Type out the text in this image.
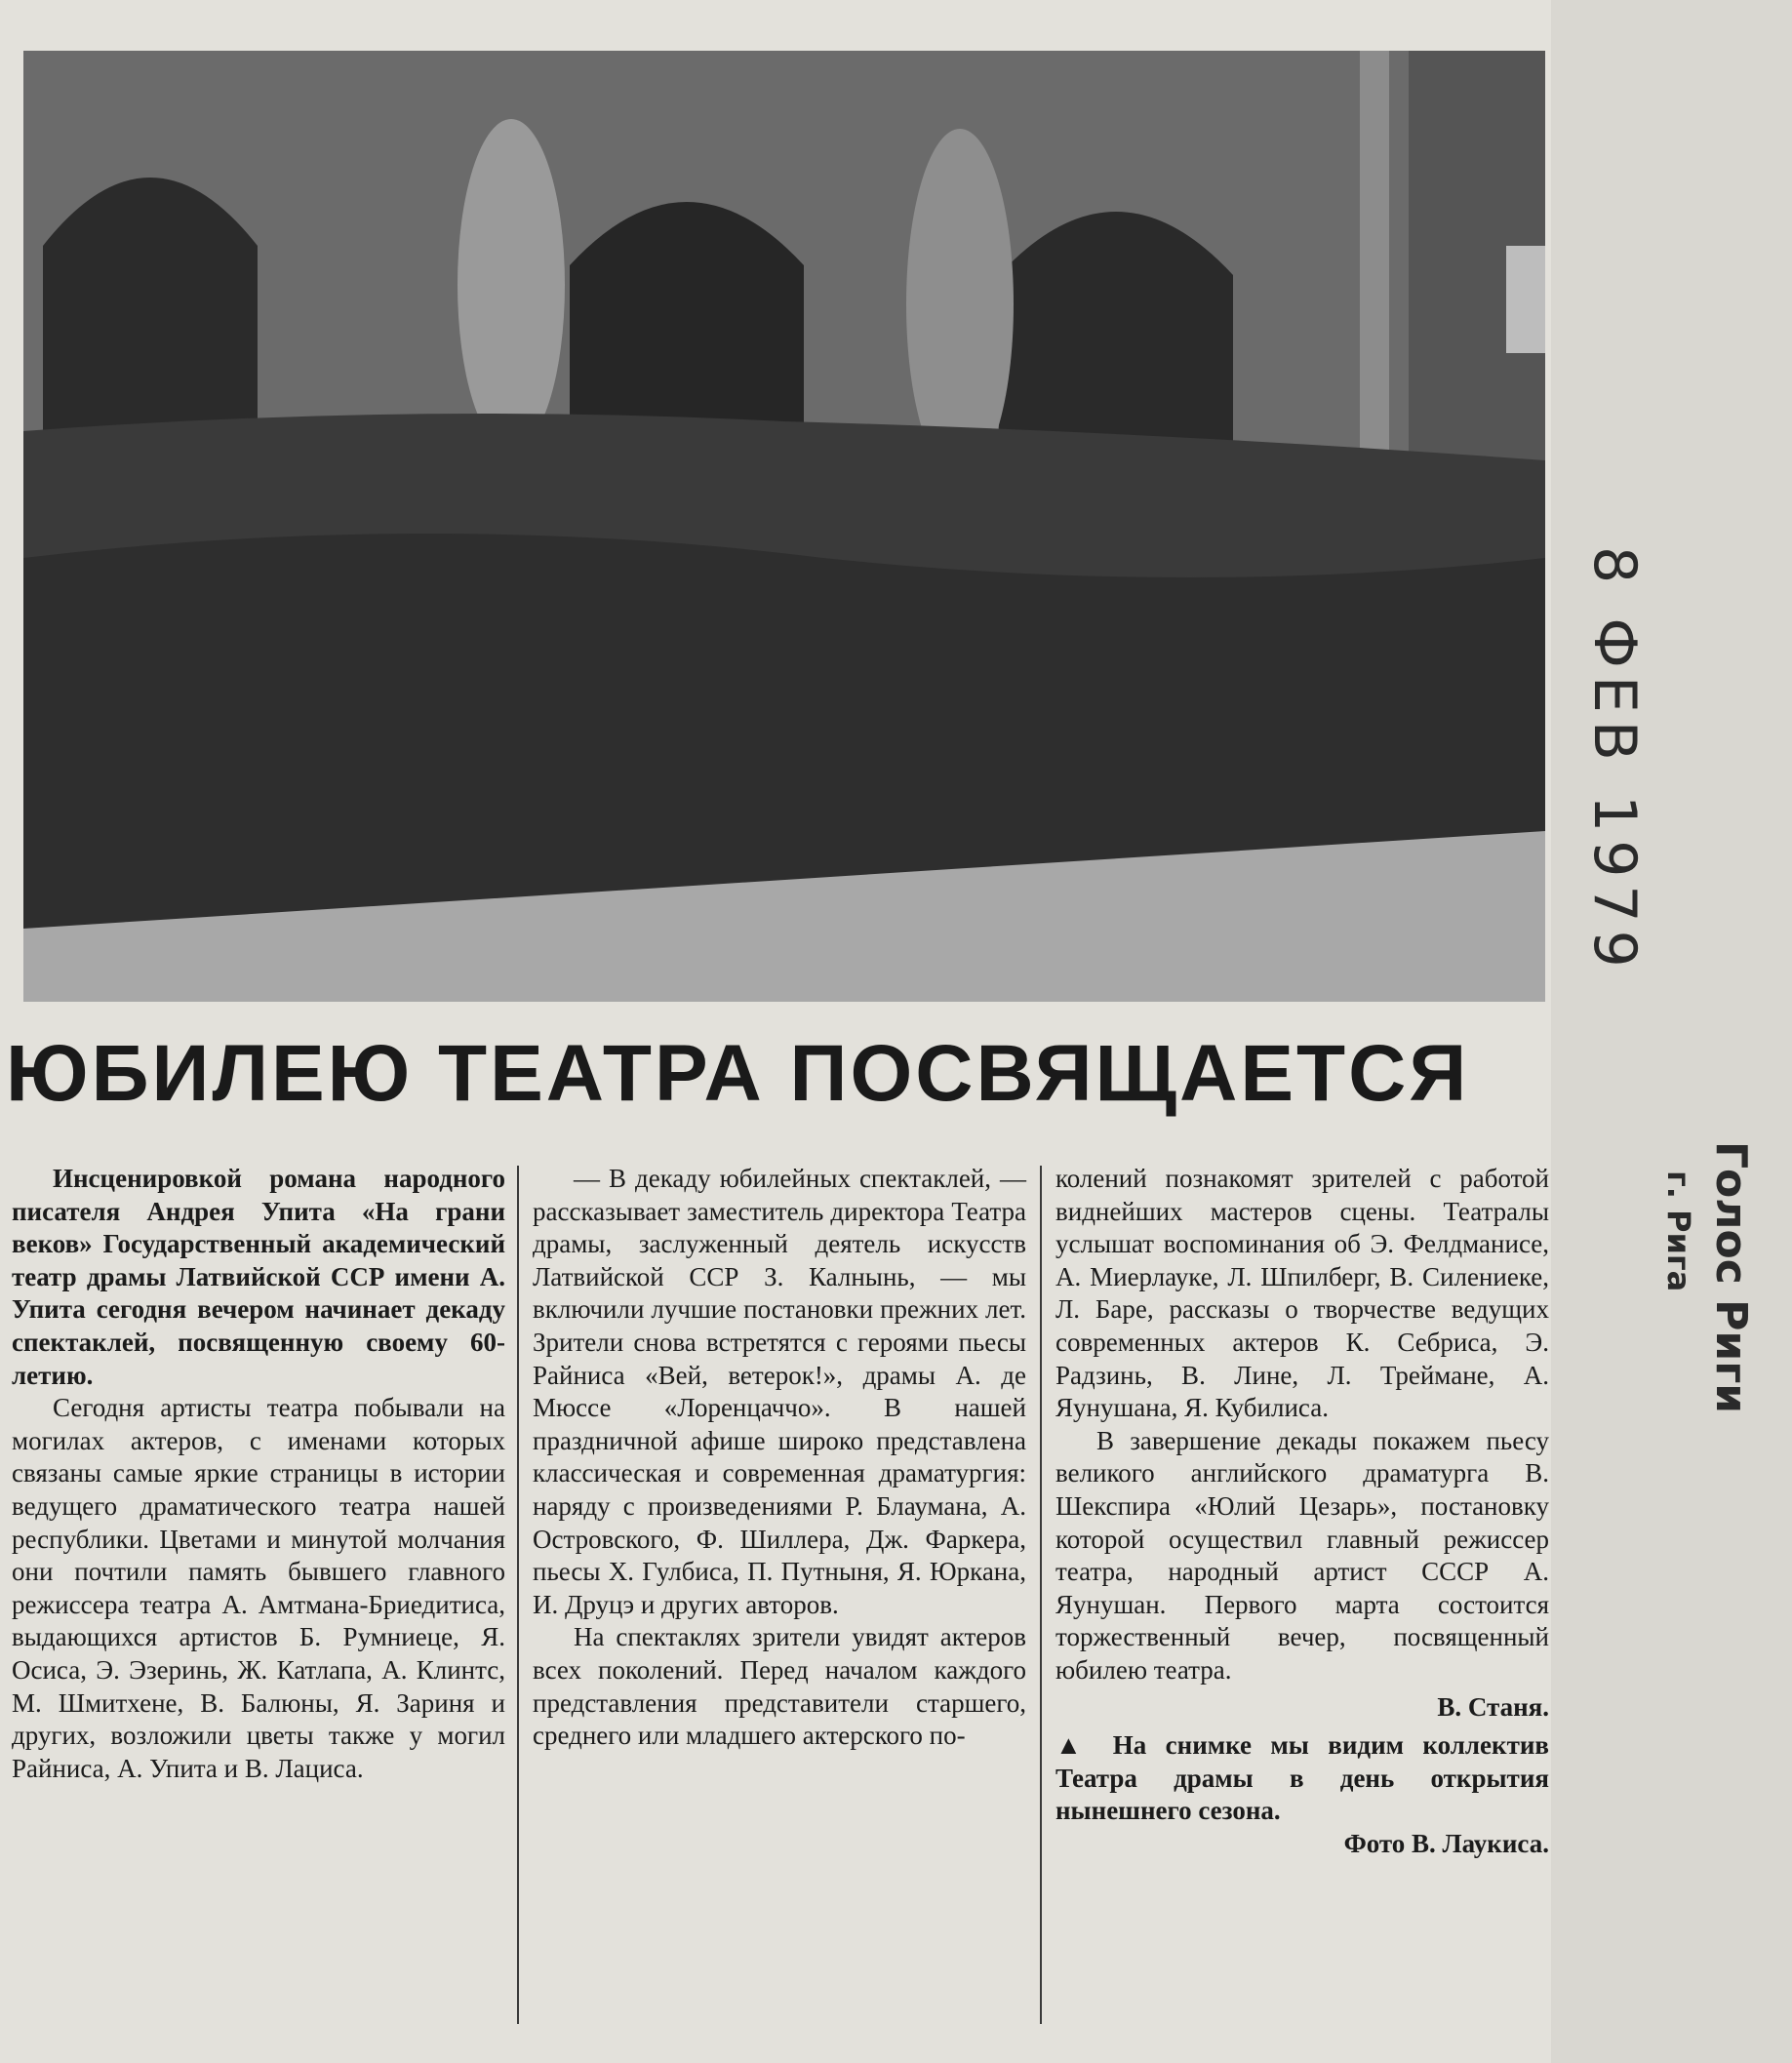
ЮБИЛЕЮ ТЕАТРА ПОСВЯЩАЕТСЯ

Инсценировкой романа народного писателя Андрея Упита «На грани веков» Государственный академический театр драмы Латвийской ССР имени А. Упита сегодня вечером начинает декаду спектаклей, посвященную своему 60-летию.

Сегодня артисты театра побывали на могилах актеров, с именами которых связаны самые яркие страницы в истории ведущего драматического театра нашей республики. Цветами и минутой молчания они почтили память бывшего главного режиссера театра А. Амтмана-Бриедитиса, выдающихся артистов Б. Румниеце, Я. Осиса, Э. Эзеринь, Ж. Катлапа, А. Клинтс, М. Шмитхене, В. Балюны, Я. Зариня и других, возложили цветы также у могил Райниса, А. Упита и В. Лациса.

— В декаду юбилейных спектаклей, — рассказывает заместитель директора Театра драмы, заслуженный деятель искусств Латвийской ССР З. Калнынь, — мы включили лучшие постановки прежних лет. Зрители снова встретятся с героями пьесы Райниса «Вей, ветерок!», драмы А. де Мюссе «Лоренцаччо». В нашей праздничной афише широко представлена классическая и современная драматургия: наряду с произведениями Р. Блаумана, А. Островского, Ф. Шиллера, Дж. Фаркера, пьесы Х. Гулбиса, П. Путныня, Я. Юркана, И. Друцэ и других авторов.

На спектаклях зрители увидят актеров всех поколений. Перед началом каждого представления представители старшего, среднего или младшего актерского по-

колений познакомят зрителей с работой виднейших мастеров сцены. Театралы услышат воспоминания об Э. Фелдманисе, А. Миерлауке, Л. Шпилберг, В. Силениеке, Л. Баре, рассказы о творчестве ведущих современных актеров К. Себриса, Э. Радзинь, В. Лине, Л. Треймане, А. Яунушана, Я. Кубилиса.

В завершение декады покажем пьесу великого английского драматурга В. Шекспира «Юлий Цезарь», постановку которой осуществил главный режиссер театра, народный артист СССР А. Яунушан. Первого марта состоится торжественный вечер, посвященный юбилею театра.

В. Станя.

▲ На снимке мы видим коллектив Театра драмы в день открытия нынешнего сезона.

Фото В. Лаукиса.
8 ФЕВ 1979
Голос Риги
г. Рига
